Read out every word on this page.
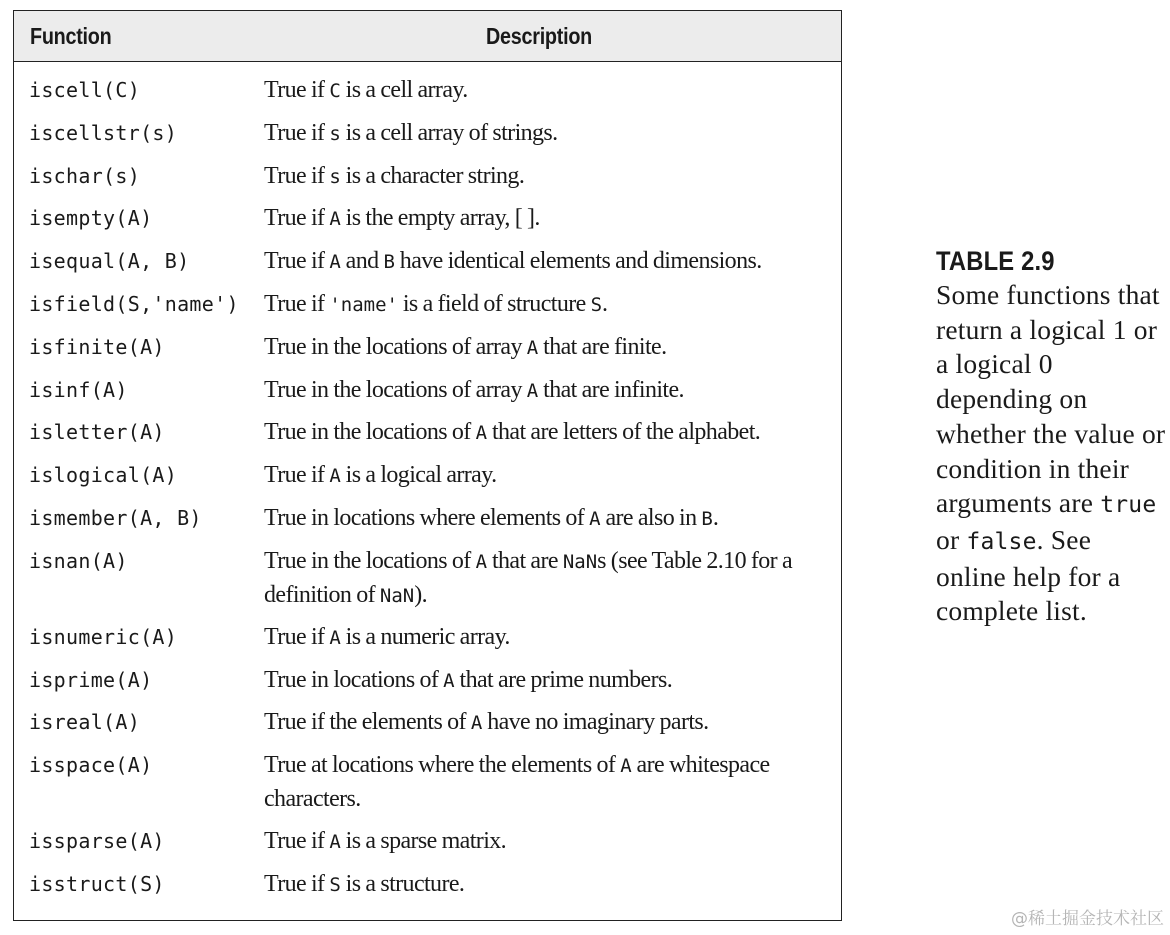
Function	Description
iscell(C)	True if C is a cell array.
iscellstr(s)	True if s is a cell array of strings.
ischar(s)	True if s is a character string.
isempty(A)	True if A is the empty array, [ ].
isequal(A, B)	True if A and B have identical elements and dimensions.
isfield(S,'name')	True if 'name' is a field of structure S.
isfinite(A)	True in the locations of array A that are finite.
isinf(A)	True in the locations of array A that are infinite.
isletter(A)	True in the locations of A that are letters of the alphabet.
islogical(A)	True if A is a logical array.
ismember(A, B)	True in locations where elements of A are also in B.
isnan(A)	True in the locations of A that are NaNs (see Table 2.10 for a definition of NaN).
isnumeric(A)	True if A is a numeric array.
isprime(A)	True in locations of A that are prime numbers.
isreal(A)	True if the elements of A have no imaginary parts.
isspace(A)	True at locations where the elements of A are whitespace characters.
issparse(A)	True if A is a sparse matrix.
isstruct(S)	True if S is a structure.
TABLE 2.9
Some functions that return a logical 1 or a logical 0 depending on whether the value or condition in their arguments are true or false. See online help for a complete list.
@稀土掘金技术社区
